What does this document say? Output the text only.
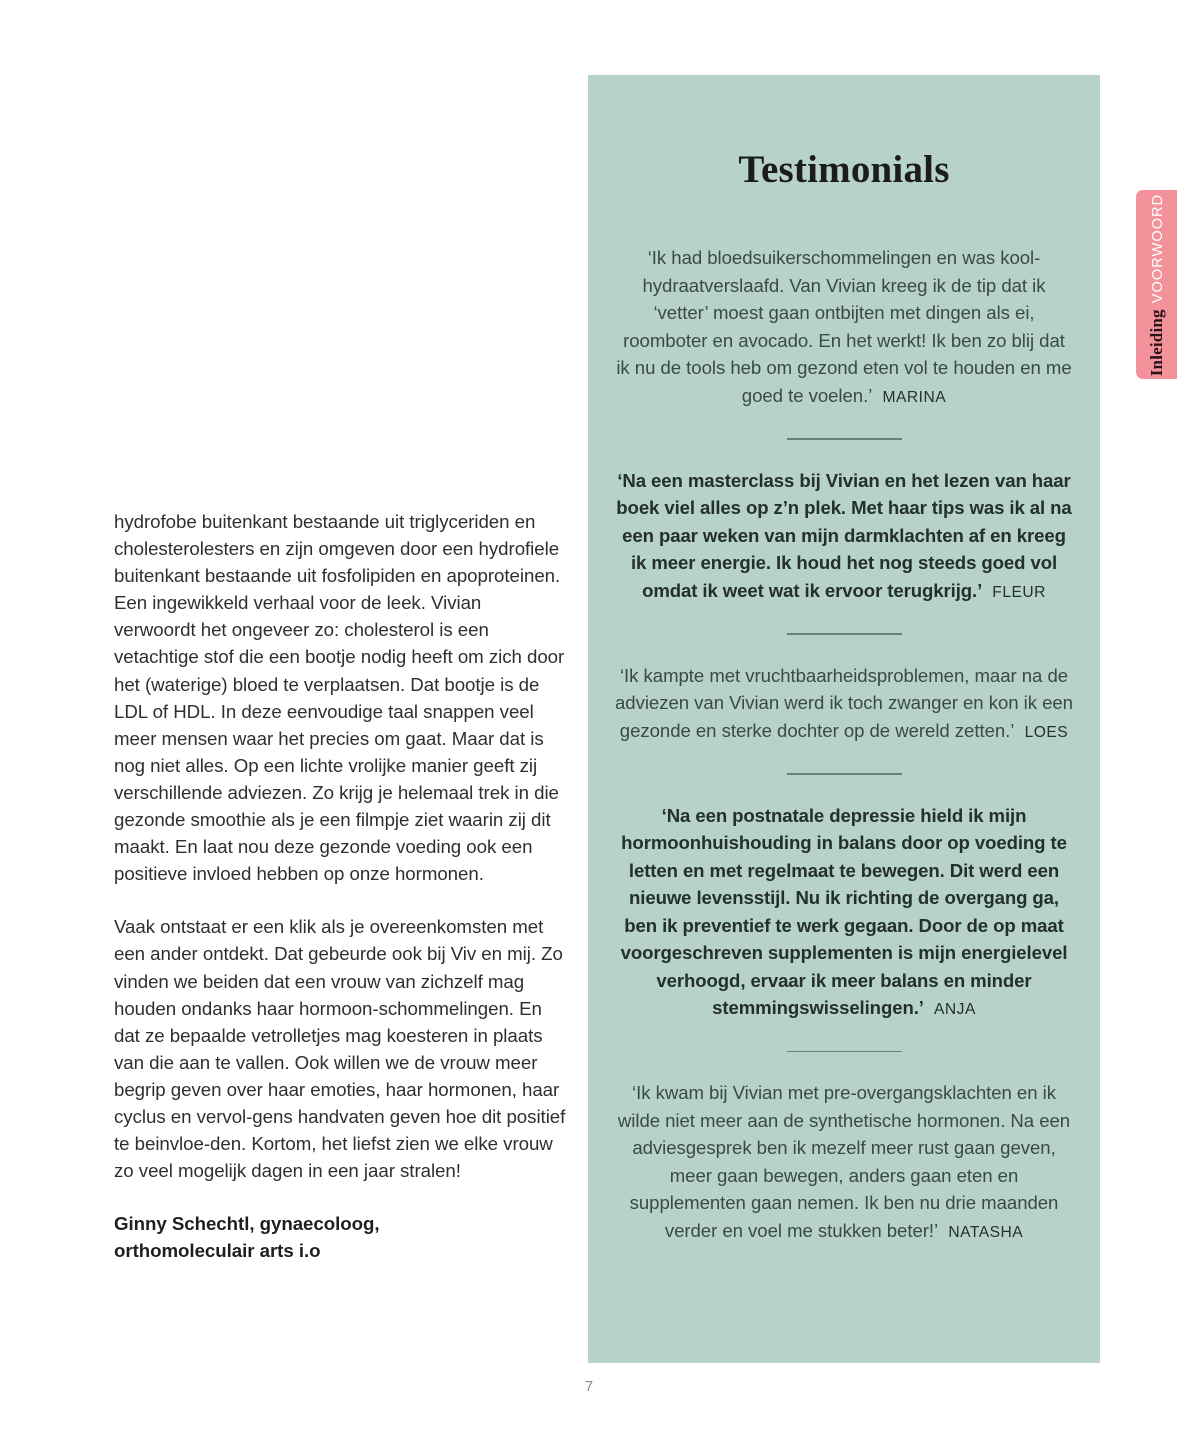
hydrofobe buitenkant bestaande uit triglyceriden en cholesterolesters en zijn omgeven door een hydrofiele buitenkant bestaande uit fosfolipiden en apoproteinen. Een ingewikkeld verhaal voor de leek. Vivian verwoordt het ongeveer zo: cholesterol is een vetachtige stof die een bootje nodig heeft om zich door het (waterige) bloed te verplaatsen. Dat bootje is de LDL of HDL. In deze eenvoudige taal snappen veel meer mensen waar het precies om gaat. Maar dat is nog niet alles. Op een lichte vrolijke manier geeft zij verschillende adviezen. Zo krijg je helemaal trek in die gezonde smoothie als je een filmpje ziet waarin zij dit maakt. En laat nou deze gezonde voeding ook een positieve invloed hebben op onze hormonen.

Vaak ontstaat er een klik als je overeenkomsten met een ander ontdekt. Dat gebeurde ook bij Viv en mij. Zo vinden we beiden dat een vrouw van zichzelf mag houden ondanks haar hormoon-schommelingen. En dat ze bepaalde vetrolletjes mag koesteren in plaats van die aan te vallen. Ook willen we de vrouw meer begrip geven over haar emoties, haar hormonen, haar cyclus en vervol-gens handvaten geven hoe dit positief te beinvloe-den. Kortom, het liefst zien we elke vrouw zo veel mogelijk dagen in een jaar stralen!

Ginny Schechtl, gynaecoloog,

orthomoleculair arts i.o

Testimonials
‘Ik had bloedsuikerschommelingen en was kool-hydraatverslaafd. Van Vivian kreeg ik de tip dat ik ‘vetter’ moest gaan ontbijten met dingen als ei, roomboter en avocado. En het werkt! Ik ben zo blij dat ik nu de tools heb om gezond eten vol te houden en me goed te voelen.’ MARINA
‘Na een masterclass bij Vivian en het lezen van haar boek viel alles op z’n plek. Met haar tips was ik al na een paar weken van mijn darmklachten af en kreeg ik meer energie. Ik houd het nog steeds goed vol omdat ik weet wat ik ervoor terugkrijg.’ FLEUR
‘Ik kampte met vruchtbaarheidsproblemen, maar na de adviezen van Vivian werd ik toch zwanger en kon ik een gezonde en sterke dochter op de wereld zetten.’ LOES
‘Na een postnatale depressie hield ik mijn hormoonhuishouding in balans door op voeding te letten en met regelmaat te bewegen. Dit werd een nieuwe levensstijl. Nu ik richting de overgang ga, ben ik preventief te werk gegaan. Door de op maat voorgeschreven supplementen is mijn energielevel verhoogd, ervaar ik meer balans en minder stemmingswisselingen.’ ANJA
‘Ik kwam bij Vivian met pre-overgangsklachten en ik wilde niet meer aan de synthetische hormonen. Na een adviesgesprek ben ik mezelf meer rust gaan geven, meer gaan bewegen, anders gaan eten en supplementen gaan nemen. Ik ben nu drie maanden verder en voel me stukken beter!’ NATASHA
Inleiding
VOORWOORD
7
